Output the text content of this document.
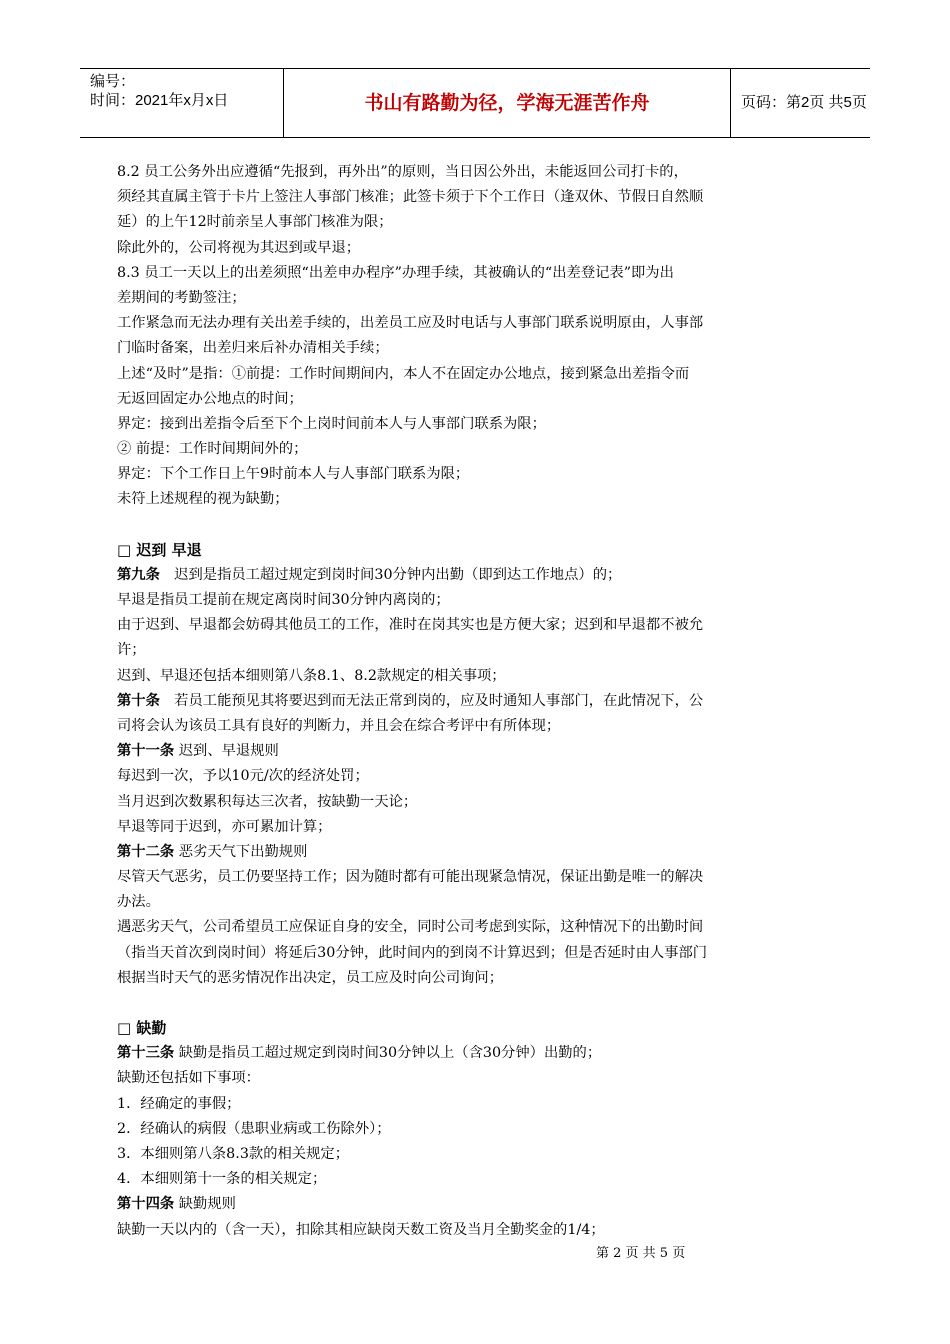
编号：
时间：2021年x月x日	书山有路勤为径，学海无涯苦作舟	页码：第2页 共5页
8.2 员工公务外出应遵循“先报到，再外出”的原则，当日因公外出，未能返回公司打卡的，
须经其直属主管于卡片上签注人事部门核准；此签卡须于下个工作日（逢双休、节假日自然顺
延）的上午12时前亲呈人事部门核准为限；
除此外的，公司将视为其迟到或早退；
8.3 员工一天以上的出差须照“出差申办程序”办理手续，其被确认的“出差登记表”即为出
差期间的考勤签注；
工作紧急而无法办理有关出差手续的，出差员工应及时电话与人事部门联系说明原由，人事部
门临时备案，出差归来后补办清相关手续；
上述“及时”是指：①前提：工作时间期间内，本人不在固定办公地点，接到紧急出差指令而
无返回固定办公地点的时间；
界定：接到出差指令后至下个上岗时间前本人与人事部门联系为限；
② 前提：工作时间期间外的；
界定：下个工作日上午9时前本人与人事部门联系为限；
未符上述规程的视为缺勤；
□ 迟到 早退
第九条　迟到是指员工超过规定到岗时间30分钟内出勤（即到达工作地点）的；
早退是指员工提前在规定离岗时间30分钟内离岗的；
由于迟到、早退都会妨碍其他员工的工作，准时在岗其实也是方便大家；迟到和早退都不被允
许；
迟到、早退还包括本细则第八条8.1、8.2款规定的相关事项；
第十条　若员工能预见其将要迟到而无法正常到岗的，应及时通知人事部门，在此情况下，公
司将会认为该员工具有良好的判断力，并且会在综合考评中有所体现；
第十一条 迟到、早退规则
每迟到一次，予以10元/次的经济处罚；
当月迟到次数累积每达三次者，按缺勤一天论；
早退等同于迟到，亦可累加计算；
第十二条 恶劣天气下出勤规则
尽管天气恶劣，员工仍要坚持工作；因为随时都有可能出现紧急情况，保证出勤是唯一的解决
办法。
遇恶劣天气，公司希望员工应保证自身的安全，同时公司考虑到实际，这种情况下的出勤时间
（指当天首次到岗时间）将延后30分钟，此时间内的到岗不计算迟到；但是否延时由人事部门
根据当时天气的恶劣情况作出决定，员工应及时向公司询问；
□ 缺勤
第十三条 缺勤是指员工超过规定到岗时间30分钟以上（含30分钟）出勤的；
缺勤还包括如下事项：
1．经确定的事假；
2．经确认的病假（患职业病或工伤除外）；
3．本细则第八条8.3款的相关规定；
4．本细则第十一条的相关规定；
第十四条 缺勤规则
缺勤一天以内的（含一天），扣除其相应缺岗天数工资及当月全勤奖金的1/4；
第 2 页 共 5 页
